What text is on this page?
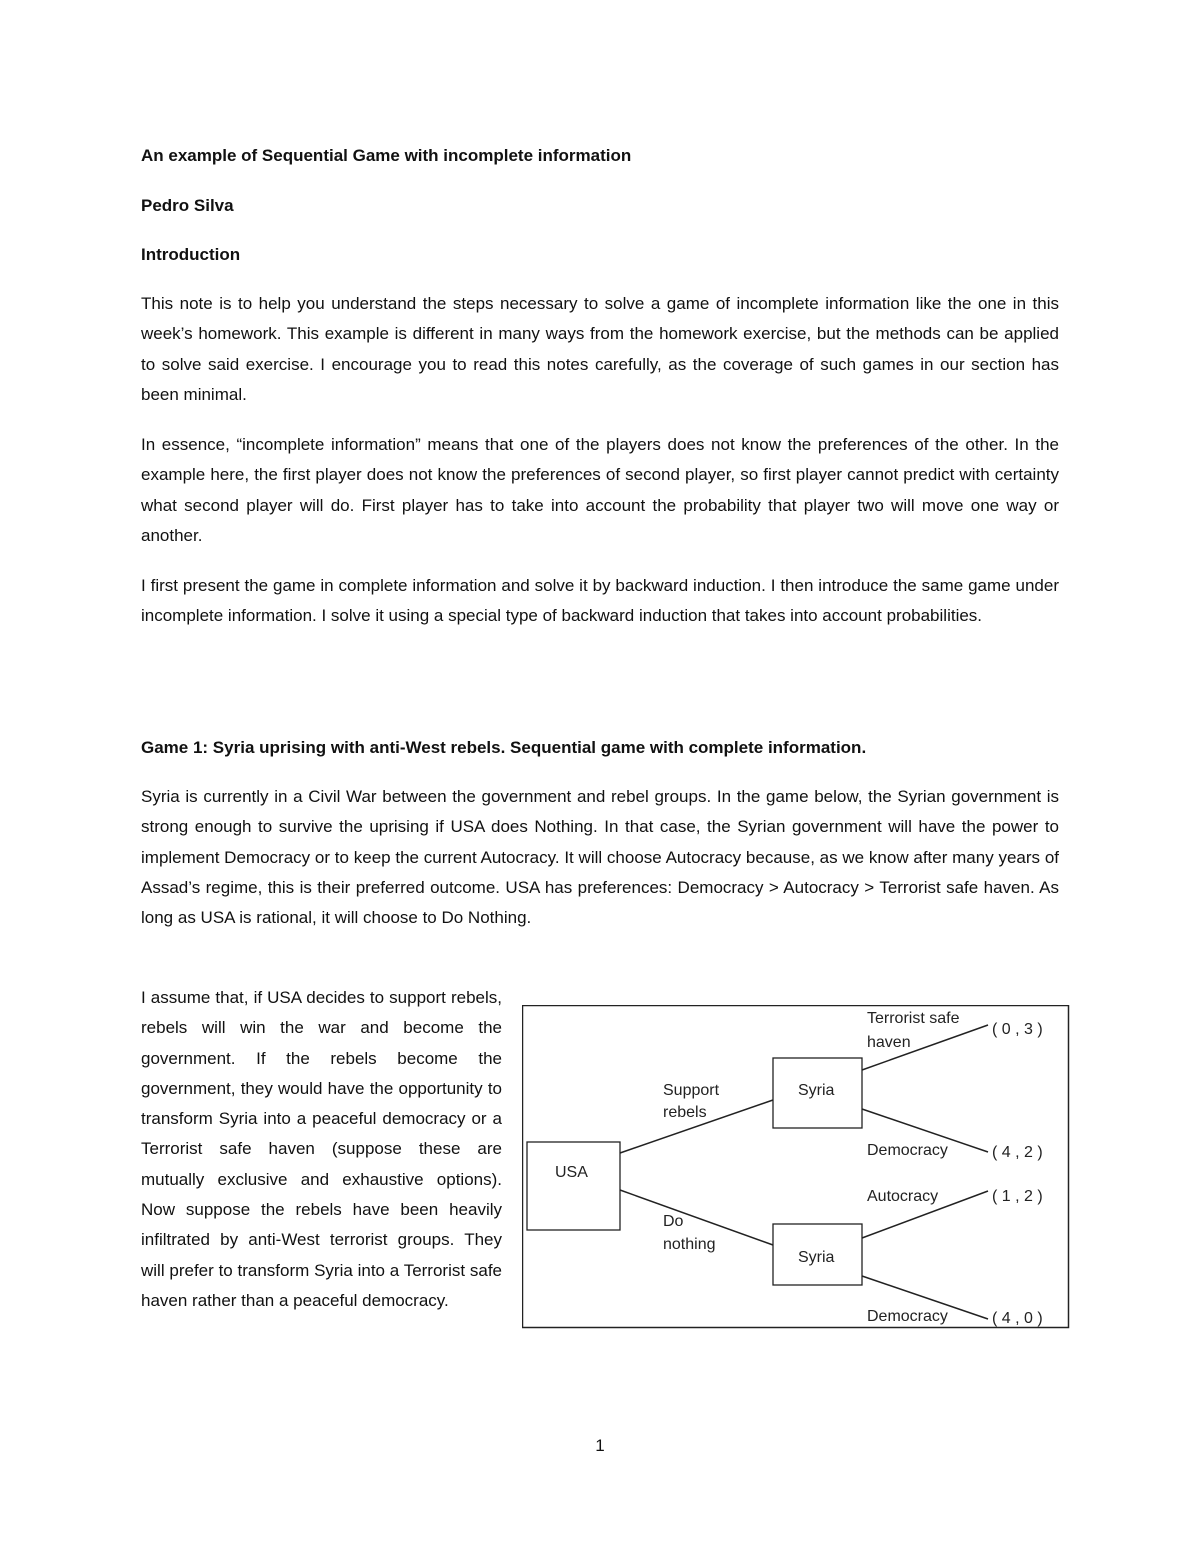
An example of Sequential Game with incomplete information
Pedro Silva
Introduction

This note is to help you understand the steps necessary to solve a game of incomplete information like the one in this week’s homework. This example is different in many ways from the homework exercise, but the methods can be applied to solve said exercise. I encourage you to read this notes carefully, as the coverage of such games in our section has been minimal.

In essence, “incomplete information” means that one of the players does not know the preferences of the other. In the example here, the first player does not know the preferences of second player, so first player cannot predict with certainty what second player will do. First player has to take into account the probability that player two will move one way or another.

I first present the game in complete information and solve it by backward induction. I then introduce the same game under incomplete information. I solve it using a special type of backward induction that takes into account probabilities.

Game 1: Syria uprising with anti-West rebels. Sequential game with complete information.

Syria is currently in a Civil War between the government and rebel groups. In the game below, the Syrian government is strong enough to survive the uprising if USA does Nothing. In that case, the Syrian government will have the power to implement Democracy or to keep the current Autocracy. It will choose Autocracy because, as we know after many years of Assad’s regime, this is their preferred outcome. USA has preferences: Democracy > Autocracy > Terrorist safe haven. As long as USA is rational, it will choose to Do Nothing.

I assume that, if USA decides to support rebels, rebels will win the war and become the government. If the rebels become the government, they would have the opportunity to transform Syria into a peaceful democracy or a Terrorist safe haven (suppose these are mutually exclusive and exhaustive options). Now suppose the rebels have been heavily infiltrated by anti-West terrorist groups. They will prefer to transform Syria into a Terrorist safe haven rather than a peaceful democracy.

USA
Support
rebels
Do
nothing
Syria
Syria
Terrorist safe
haven
Democracy
Autocracy
Democracy
( 0 , 3 )
( 4 , 2 )
( 1 , 2 )
( 4 , 0 )
1
